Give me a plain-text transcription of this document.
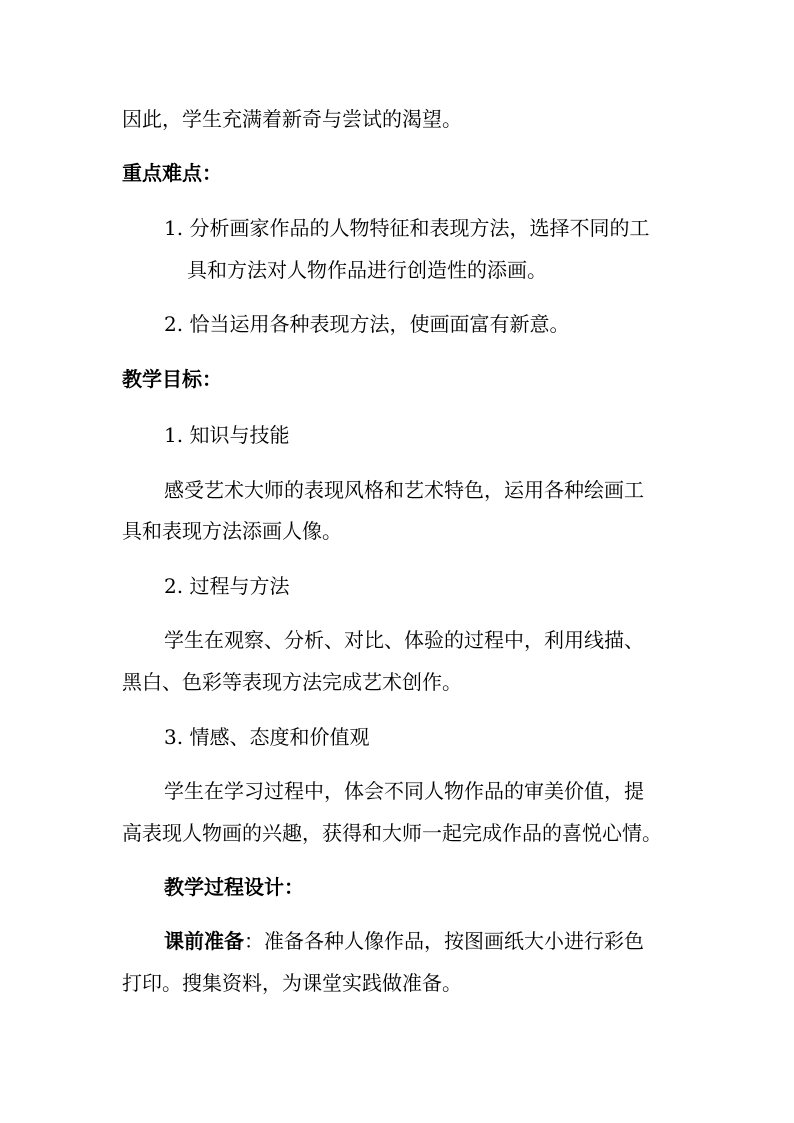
因此，学生充满着新奇与尝试的渴望。

重点难点：

1. 分析画家作品的人物特征和表现方法，选择不同的工

具和方法对人物作品进行创造性的添画。

2. 恰当运用各种表现方法，使画面富有新意。

教学目标：

1. 知识与技能

感受艺术大师的表现风格和艺术特色，运用各种绘画工

具和表现方法添画人像。

2. 过程与方法

学生在观察、分析、对比、体验的过程中，利用线描、

黑白、色彩等表现方法完成艺术创作。

3. 情感、态度和价值观

学生在学习过程中，体会不同人物作品的审美价值，提

高表现人物画的兴趣，获得和大师一起完成作品的喜悦心情。

教学过程设计：

课前准备：准备各种人像作品，按图画纸大小进行彩色

打印。搜集资料，为课堂实践做准备。
